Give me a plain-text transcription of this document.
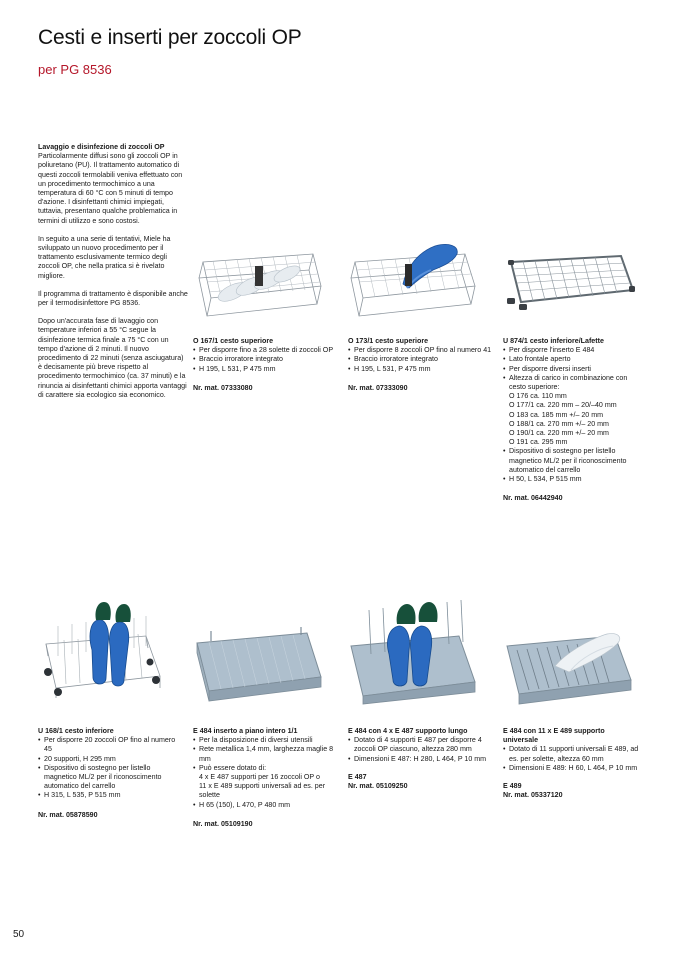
Cesti e inserti per zoccoli OP
per PG 8536
Lavaggio e disinfezione di zoccoli OP

Particolarmente diffusi sono gli zoccoli OP in poliuretano (PU). Il trattamento automatico di questi zoccoli termolabili veniva effettuato con un procedimento termochimico a una temperatura di 60 °C con 5 minuti di tempo d'azione. I disinfettanti chimici impiegati, tuttavia, presentano qualche problematica in termini di utilizzo e sono costosi.

In seguito a una serie di tentativi, Miele ha sviluppato un nuovo procedimento per il trattamento esclusivamente termico degli zoccoli OP, che nella pratica si è rivelato migliore.

Il programma di trattamento è disponibile anche per il termodisinfettore PG 8536.

Dopo un'accurata fase di lavaggio con temperature inferiori a 55 °C segue la disinfezione termica finale a 75 °C con un tempo d'azione di 2 minuti. Il nuovo procedimento di 22 minuti (senza asciugatura) è decisamente più breve rispetto al procedimento termochimico (ca. 37 minuti) e la rinuncia ai disinfettanti chimici apporta vantaggi di carattere sia ecologico sia economico.

O 167/1 cesto superiore
• Per disporre fino a 28 solette di zoccoli OP
• Braccio irroratore integrato
• H 195, L 531, P 475 mm
Nr. mat. 07333080
O 173/1 cesto superiore
• Per disporre 8 zoccoli OP fino al numero 41
• Braccio irroratore integrato
• H 195, L 531, P 475 mm
Nr. mat. 07333090
U 874/1 cesto inferiore/Lafette
• Per disporre l'inserto E 484
• Lato frontale aperto
• Per disporre diversi inserti
• Altezza di carico in combinazione con cesto superiore:
O 176 ca. 110 mm
O 177/1 ca. 220 mm – 20/–40 mm
O 183 ca. 185 mm +/– 20 mm
O 188/1 ca. 270 mm +/– 20 mm
O 190/1 ca. 220 mm +/– 20 mm
O 191 ca. 295 mm
• Dispositivo di sostegno per listello magnetico ML/2 per il riconoscimento automatico del carrello
• H 50, L 534, P 515 mm
Nr. mat. 06442940
U 168/1 cesto inferiore
• Per disporre 20 zoccoli OP fino al numero 45
• 20 supporti, H 295 mm
• Dispositivo di sostegno per listello magnetico ML/2 per il riconoscimento automatico del carrello
• H 315, L 535, P 515 mm
Nr. mat. 05878590
E 484 inserto a piano intero 1/1
• Per la disposizione di diversi utensili
• Rete metallica 1,4 mm, larghezza maglie 8 mm
• Può essere dotato di:
4 x E 487 supporti per 16 zoccoli OP o
11 x E 489 supporti universali ad es. per solette
• H 65 (150), L 470, P 480 mm
Nr. mat. 05109190
E 484 con 4 x E 487 supporto lungo
• Dotato di 4 supporti E 487 per disporre 4 zoccoli OP ciascuno, altezza 280 mm
• Dimensioni E 487: H 280, L 464, P 10 mm
E 487
Nr. mat. 05109250
E 484 con 11 x E 489 supporto universale
• Dotato di 11 supporti universali E 489, ad es. per solette, altezza 60 mm
• Dimensioni E 489: H 60, L 464, P 10 mm
E 489
Nr. mat. 05337120
50
